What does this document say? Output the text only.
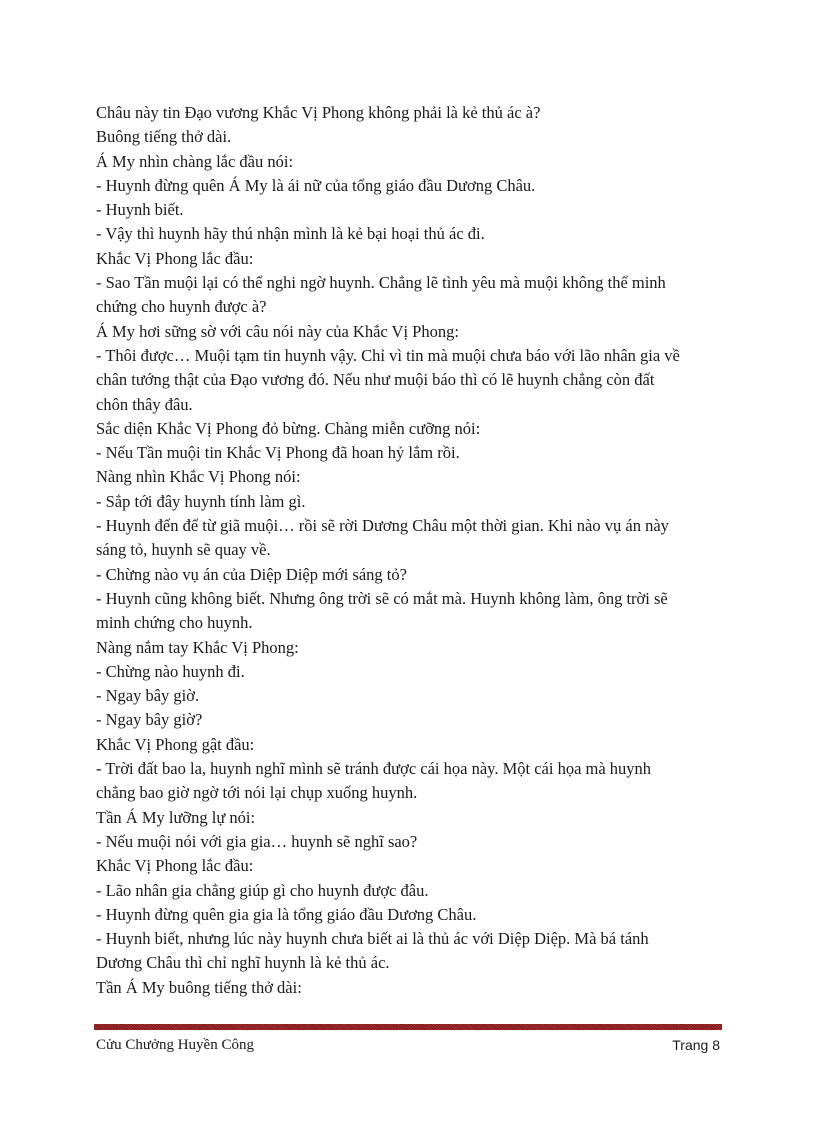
Châu này tin Đạo vương Khắc Vị Phong không phải là kẻ thủ ác à?
Buông tiếng thở dài.
Á My nhìn chàng lắc đầu nói:
- Huynh đừng quên Á My là ái nữ của tổng giáo đầu Dương Châu.
- Huynh biết.
- Vậy thì huynh hãy thú nhận mình là kẻ bại hoại thủ ác đi.
Khắc Vị Phong lắc đầu:
- Sao Tần muội lại có thể nghi ngờ huynh. Chẳng lẽ tình yêu mà muội không thể minh
chứng cho huynh được à?
Á My hơi sững sờ với câu nói này của Khắc Vị Phong:
- Thôi được… Muội tạm tin huynh vậy. Chỉ vì tin mà muội chưa báo với lão nhân gia về
chân tướng thật của Đạo vương đó. Nếu như muội báo thì có lẽ huynh chẳng còn đất
chôn thây đâu.
Sắc diện Khắc Vị Phong đỏ bừng. Chàng miễn cưỡng nói:
- Nếu Tần muội tin Khắc Vị Phong đã hoan hỷ lắm rồi.
Nàng nhìn Khắc Vị Phong nói:
- Sắp tới đây huynh tính làm gì.
- Huynh đến để từ giã muội… rồi sẽ rời Dương Châu một thời gian. Khi nào vụ án này
sáng tỏ, huynh sẽ quay về.
- Chừng nào vụ án của Diệp Diệp mới sáng tỏ?
- Huynh cũng không biết. Nhưng ông trời sẽ có mắt mà. Huynh không làm, ông trời sẽ
minh chứng cho huynh.
Nàng nắm tay Khắc Vị Phong:
- Chừng nào huynh đi.
- Ngay bây giờ.
- Ngay bây giờ?
Khắc Vị Phong gật đầu:
- Trời đất bao la, huynh nghĩ mình sẽ tránh được cái họa này. Một cái họa mà huynh
chẳng bao giờ ngờ tới nói lại chụp xuống huynh.
Tần Á My lưỡng lự nói:
- Nếu muội nói với gia gia… huynh sẽ nghĩ sao?
Khắc Vị Phong lắc đầu:
- Lão nhân gia chẳng giúp gì cho huynh được đâu.
- Huynh đừng quên gia gia là tổng giáo đầu Dương Châu.
- Huynh biết, nhưng lúc này huynh chưa biết ai là thủ ác với Diệp Diệp. Mà bá tánh
Dương Châu thì chỉ nghĩ huynh là kẻ thủ ác.
Tần Á My buông tiếng thở dài:
Cửu Chưởng Huyền Công	Trang 8
